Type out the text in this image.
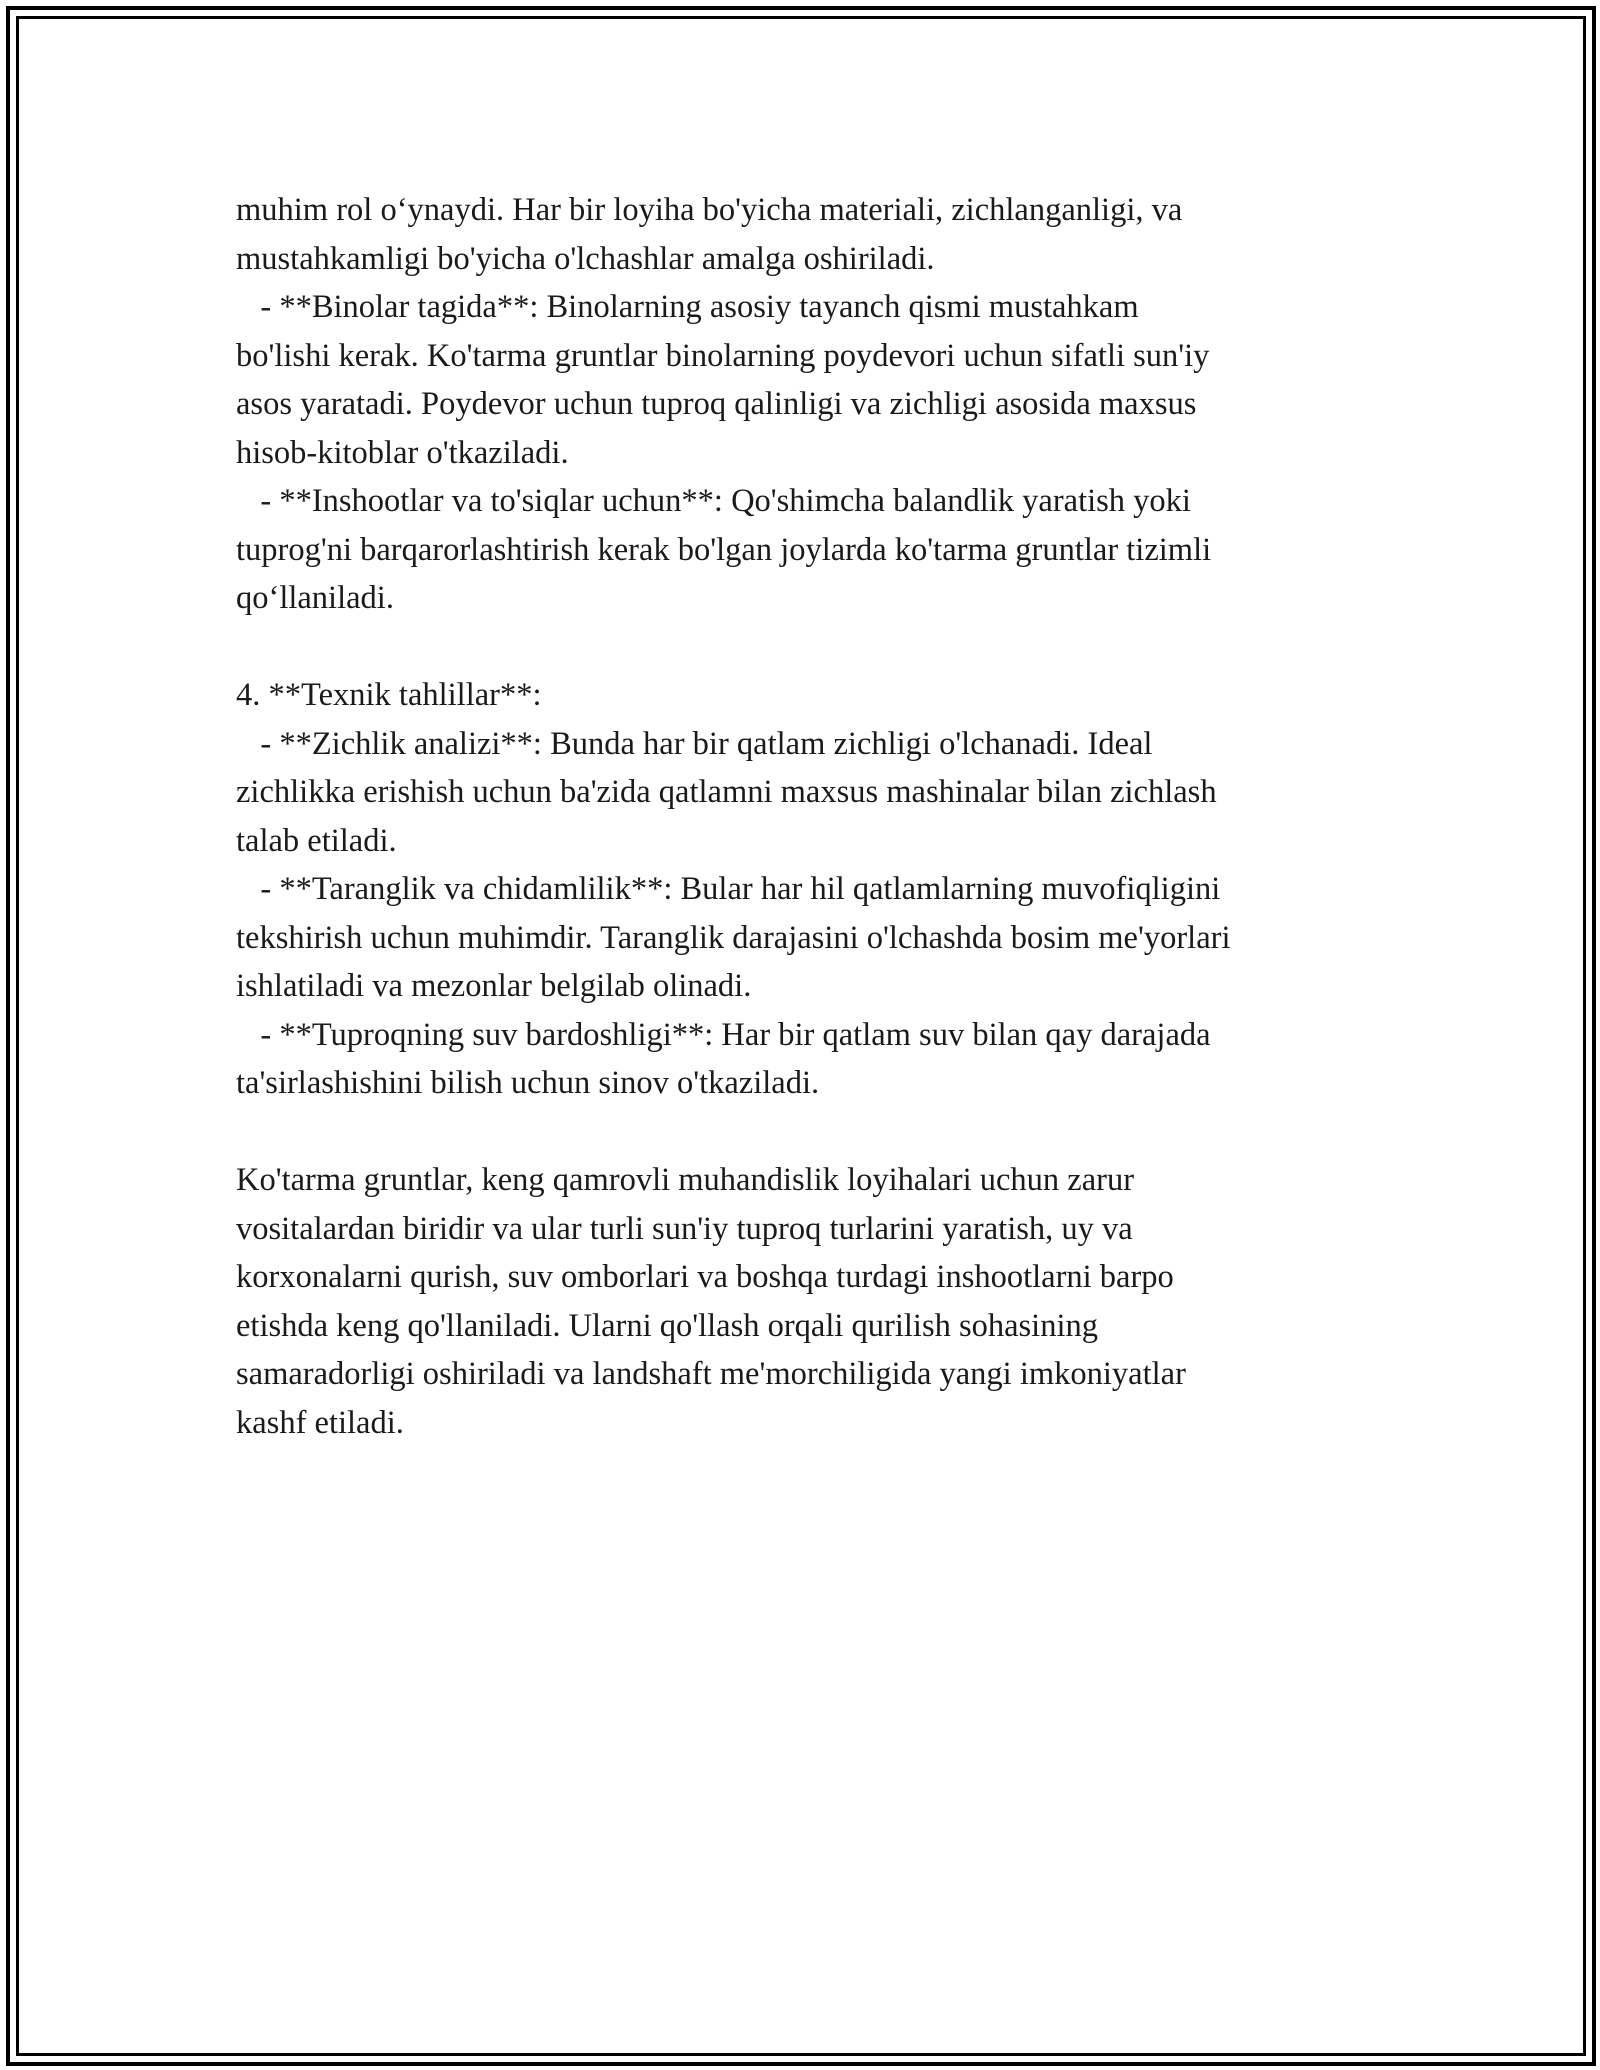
muhim rol o‘ynaydi. Har bir loyiha bo'yicha materiali, zichlanganligi, va
mustahkamligi bo'yicha o'lchashlar amalga oshiriladi.
- **Binolar tagida**: Binolarning asosiy tayanch qismi mustahkam
bo'lishi kerak. Ko'tarma gruntlar binolarning poydevori uchun sifatli sun'iy
asos yaratadi. Poydevor uchun tuproq qalinligi va zichligi asosida maxsus
hisob-kitoblar o'tkaziladi.
- **Inshootlar va to'siqlar uchun**: Qo'shimcha balandlik yaratish yoki
tuprog'ni barqarorlashtirish kerak bo'lgan joylarda ko'tarma gruntlar tizimli
qo‘llaniladi.
4. **Texnik tahlillar**:
- **Zichlik analizi**: Bunda har bir qatlam zichligi o'lchanadi. Ideal
zichlikka erishish uchun ba'zida qatlamni maxsus mashinalar bilan zichlash
talab etiladi.
- **Taranglik va chidamlilik**: Bular har hil qatlamlarning muvofiqligini
tekshirish uchun muhimdir. Taranglik darajasini o'lchashda bosim me'yorlari
ishlatiladi va mezonlar belgilab olinadi.
- **Tuproqning suv bardoshligi**: Har bir qatlam suv bilan qay darajada
ta'sirlashishini bilish uchun sinov o'tkaziladi.
Ko'tarma gruntlar, keng qamrovli muhandislik loyihalari uchun zarur
vositalardan biridir va ular turli sun'iy tuproq turlarini yaratish, uy va
korxonalarni qurish, suv omborlari va boshqa turdagi inshootlarni barpo
etishda keng qo'llaniladi. Ularni qo'llash orqali qurilish sohasining
samaradorligi oshiriladi va landshaft me'morchiligida yangi imkoniyatlar
kashf etiladi.
